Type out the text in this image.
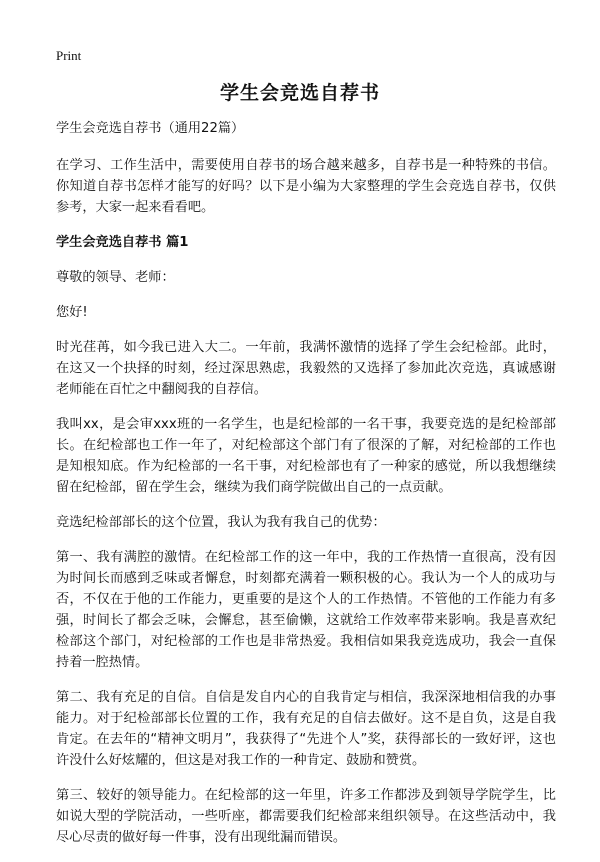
Print
学生会竞选自荐书

学生会竞选自荐书（通用22篇）

在学习、工作生活中，需要使用自荐书的场合越来越多，自荐书是一种特殊的书信。你知道自荐书怎样才能写的好吗？以下是小编为大家整理的学生会竞选自荐书，仅供参考，大家一起来看看吧。

学生会竞选自荐书 篇1

尊敬的领导、老师：

您好!

时光荏苒，如今我已进入大二。一年前，我满怀激情的选择了学生会纪检部。此时，在这又一个抉择的时刻，经过深思熟虑，我毅然的又选择了参加此次竞选，真诚感谢老师能在百忙之中翻阅我的自荐信。

我叫xx，是会审xxx班的一名学生，也是纪检部的一名干事，我要竞选的是纪检部部长。在纪检部也工作一年了，对纪检部这个部门有了很深的了解，对纪检部的工作也是知根知底。作为纪检部的一名干事，对纪检部也有了一种家的感觉，所以我想继续留在纪检部，留在学生会，继续为我们商学院做出自己的一点贡献。

竞选纪检部部长的这个位置，我认为我有我自己的优势：

第一、我有满腔的激情。在纪检部工作的这一年中，我的工作热情一直很高，没有因为时间长而感到乏味或者懈怠，时刻都充满着一颗积极的心。我认为一个人的成功与否，不仅在于他的工作能力，更重要的是这个人的工作热情。不管他的工作能力有多强，时间长了都会乏味，会懈怠，甚至偷懒，这就给工作效率带来影响。我是喜欢纪检部这个部门，对纪检部的工作也是非常热爱。我相信如果我竞选成功，我会一直保持着一腔热情。

第二、我有充足的自信。自信是发自内心的自我肯定与相信，我深深地相信我的办事能力。对于纪检部部长位置的工作，我有充足的自信去做好。这不是自负，这是自我肯定。在去年的“精神文明月”，我获得了“先进个人”奖，获得部长的一致好评，这也许没什么好炫耀的，但这是对我工作的一种肯定、鼓励和赞赏。

第三、较好的领导能力。在纪检部的这一年里，许多工作都涉及到领导学院学生，比如说大型的学院活动，一些听座，都需要我们纪检部来组织领导。在这些活动中，我尽心尽责的做好每一件事，没有出现纰漏而错误。
